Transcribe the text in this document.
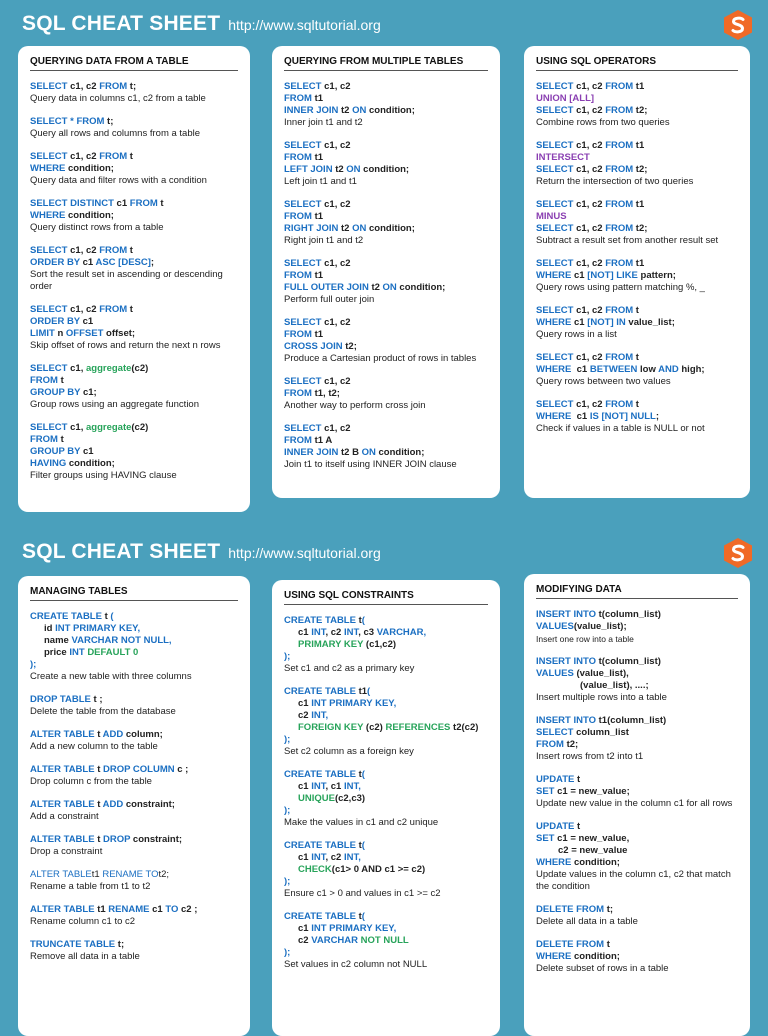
SQL CHEAT SHEET http://www.sqltutorial.org
QUERYING DATA FROM A TABLE
SELECT c1, c2 FROM t;
Query data in columns c1, c2 from a table
SELECT * FROM t;
Query all rows and columns from a table
SELECT c1, c2 FROM t
WHERE condition;
Query data and filter rows with a condition
SELECT DISTINCT c1 FROM t
WHERE condition;
Query distinct rows from a table
SELECT c1, c2 FROM t
ORDER BY c1 ASC [DESC];
Sort the result set in ascending or descending order
SELECT c1, c2 FROM t
ORDER BY c1
LIMIT n OFFSET offset;
Skip offset of rows and return the next n rows
SELECT c1, aggregate(c2)
FROM t
GROUP BY c1;
Group rows using an aggregate function
SELECT c1, aggregate(c2)
FROM t
GROUP BY c1
HAVING condition;
Filter groups using HAVING clause
QUERYING FROM MULTIPLE TABLES
SELECT c1, c2
FROM t1
INNER JOIN t2 ON condition;
Inner join t1 and t2
SELECT c1, c2
FROM t1
LEFT JOIN t2 ON condition;
Left join t1 and t1
SELECT c1, c2
FROM t1
RIGHT JOIN t2 ON condition;
Right join t1 and t2
SELECT c1, c2
FROM t1
FULL OUTER JOIN t2 ON condition;
Perform full outer join
SELECT c1, c2
FROM t1
CROSS JOIN t2;
Produce a Cartesian product of rows in tables
SELECT c1, c2
FROM t1, t2;
Another way to perform cross join
SELECT c1, c2
FROM t1 A
INNER JOIN t2 B ON condition;
Join t1 to itself using INNER JOIN clause
USING SQL OPERATORS
SELECT c1, c2 FROM t1
UNION [ALL]
SELECT c1, c2 FROM t2;
Combine rows from two queries
SELECT c1, c2 FROM t1
INTERSECT
SELECT c1, c2 FROM t2;
Return the intersection of two queries
SELECT c1, c2 FROM t1
MINUS
SELECT c1, c2 FROM t2;
Subtract a result set from another result set
SELECT c1, c2 FROM t1
WHERE c1 [NOT] LIKE pattern;
Query rows using pattern matching %, _
SELECT c1, c2 FROM t
WHERE c1 [NOT] IN value_list;
Query rows in a list
SELECT c1, c2 FROM t
WHERE  c1 BETWEEN low AND high;
Query rows between two values
SELECT c1, c2 FROM t
WHERE  c1 IS [NOT] NULL;
Check if values in a table is NULL or not
SQL CHEAT SHEET http://www.sqltutorial.org
MANAGING TABLES
CREATE TABLE t (
id INT PRIMARY KEY,
name VARCHAR NOT NULL,
price INT DEFAULT 0
);
Create a new table with three columns
DROP TABLE t ;
Delete the table from the database
ALTER TABLE t ADD column;
Add a new column to the table
ALTER TABLE t DROP COLUMN c ;
Drop column c from the table
ALTER TABLE t ADD constraint;
Add a constraint
ALTER TABLE t DROP constraint;
Drop a constraint
ALTER TABLEt1 RENAME TOt2;
Rename a table from t1 to t2
ALTER TABLE t1 RENAME c1 TO c2 ;
Rename column c1 to c2
TRUNCATE TABLE t;
Remove all data in a table
USING SQL CONSTRAINTS
CREATE TABLE t(
c1 INT, c2 INT, c3 VARCHAR,
PRIMARY KEY (c1,c2)
);
Set c1 and c2 as a primary key
CREATE TABLE t1(
c1 INT PRIMARY KEY,
c2 INT,
FOREIGN KEY (c2) REFERENCES t2(c2)
);
Set c2 column as a foreign key
CREATE TABLE t(
c1 INT, c1 INT,
UNIQUE(c2,c3)
);
Make the values in c1 and c2 unique
CREATE TABLE t(
c1 INT, c2 INT,
CHECK(c1> 0 AND c1 >= c2)
);
Ensure c1 > 0 and values in c1 >= c2
CREATE TABLE t(
c1 INT PRIMARY KEY,
c2 VARCHAR NOT NULL
);
Set values in c2 column not NULL
MODIFYING DATA
INSERT INTO t(column_list)
VALUES(value_list);
Insert one row into a table
INSERT INTO t(column_list)
VALUES (value_list),
(value_list), ....;
Insert multiple rows into a table
INSERT INTO t1(column_list)
SELECT column_list
FROM t2;
Insert rows from t2 into t1
UPDATE t
SET c1 = new_value;
Update new value in the column c1 for all rows
UPDATE t
SET c1 = new_value,
c2 = new_value
WHERE condition;
Update values in the column c1, c2 that match the condition
DELETE FROM t;
Delete all data in a table
DELETE FROM t
WHERE condition;
Delete subset of rows in a table
